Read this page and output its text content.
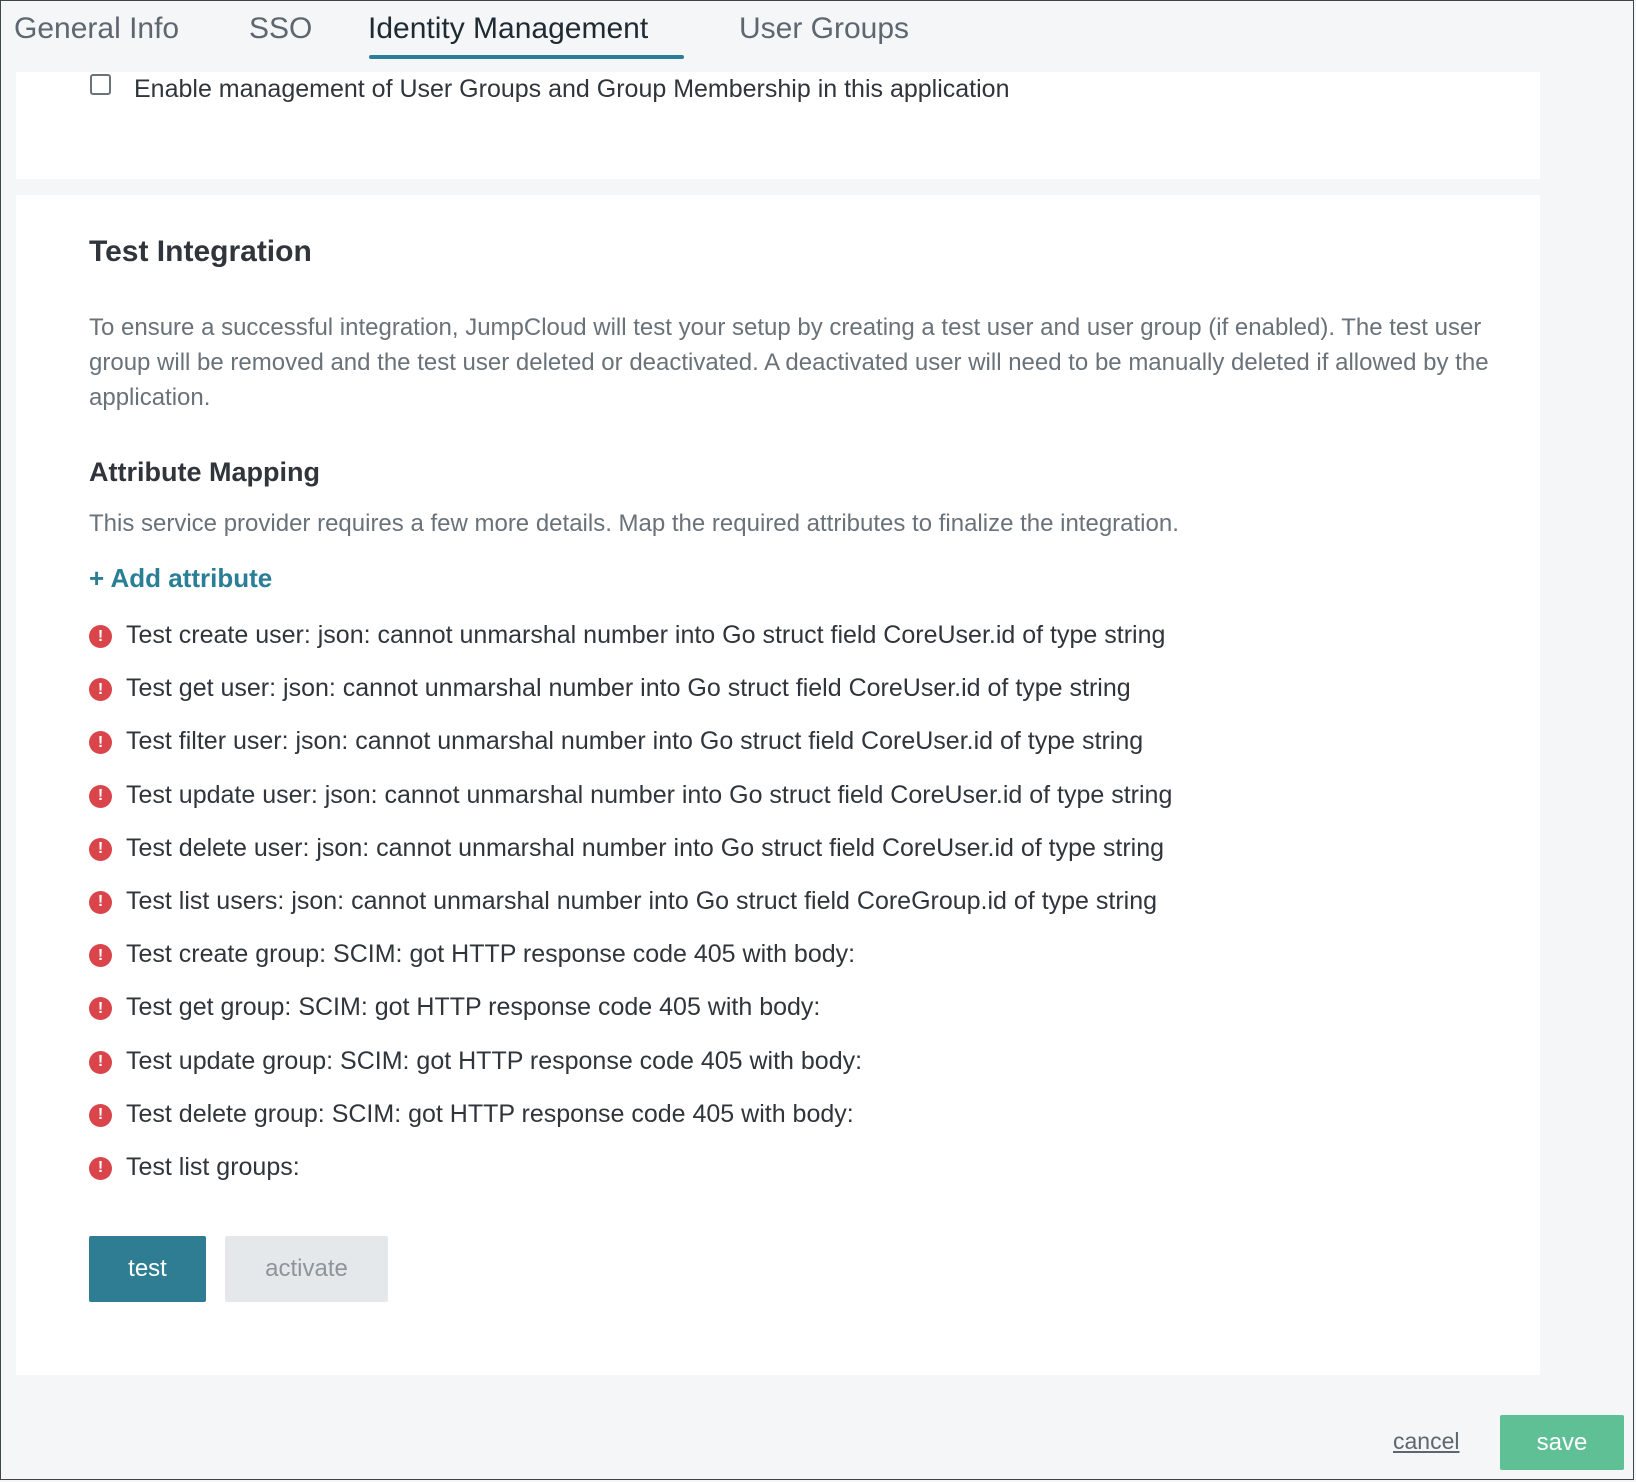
General Info SSO Identity Management	User Groups
Enable management of User Groups and Group Membership in this application
Test Integration
To ensure a successful integration, JumpCloud will test your setup by creating a test user and user group (if enabled). The test user group will be removed and the test user deleted or deactivated. A deactivated user will need to be manually deleted if allowed by the application.
Attribute Mapping
This service provider requires a few more details. Map the required attributes to finalize the integration.
+ Add attribute
! Test create user: json: cannot unmarshal number into Go struct field CoreUser.id of type string
! Test get user: json: cannot unmarshal number into Go struct field CoreUser.id of type string
! Test filter user: json: cannot unmarshal number into Go struct field CoreUser.id of type string
! Test update user: json: cannot unmarshal number into Go struct field CoreUser.id of type string
! Test delete user: json: cannot unmarshal number into Go struct field CoreUser.id of type string
! Test list users: json: cannot unmarshal number into Go struct field CoreGroup.id of type string
! Test create group: SCIM: got HTTP response code 405 with body:
! Test get group: SCIM: got HTTP response code 405 with body:
! Test update group: SCIM: got HTTP response code 405 with body:
! Test delete group: SCIM: got HTTP response code 405 with body:
! Test list groups:
test	activate
cancel	save
